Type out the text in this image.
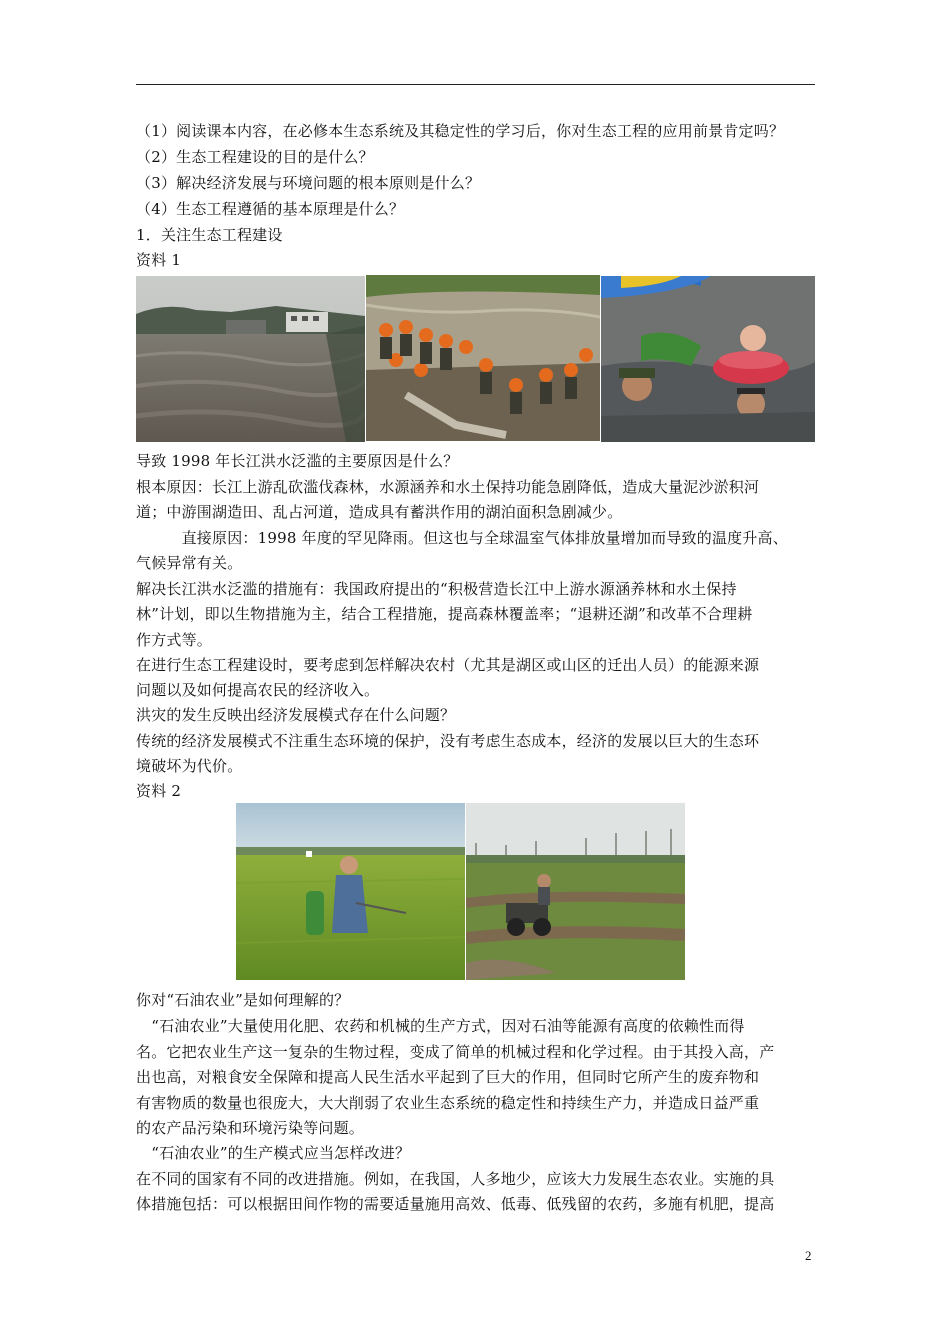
（1）阅读课本内容，在必修本生态系统及其稳定性的学习后，你对生态工程的应用前景肯定吗？
（2）生态工程建设的目的是什么？
（3）解决经济发展与环境问题的根本原则是什么？
（4）生态工程遵循的基本原理是什么？
1．关注生态工程建设
资料 1
导致 1998 年长江洪水泛滥的主要原因是什么？
根本原因：长江上游乱砍滥伐森林，水源涵养和水土保持功能急剧降低，造成大量泥沙淤积河
道；中游围湖造田、乱占河道，造成具有蓄洪作用的湖泊面积急剧减少。
　　　直接原因：1998 年度的罕见降雨。但这也与全球温室气体排放量增加而导致的温度升高、
气候异常有关。
解决长江洪水泛滥的措施有：我国政府提出的“积极营造长江中上游水源涵养林和水土保持
林”计划，即以生物措施为主，结合工程措施，提高森林覆盖率；“退耕还湖”和改革不合理耕
作方式等。
在进行生态工程建设时，要考虑到怎样解决农村（尤其是湖区或山区的迁出人员）的能源来源
问题以及如何提高农民的经济收入。
洪灾的发生反映出经济发展模式存在什么问题？
传统的经济发展模式不注重生态环境的保护，没有考虑生态成本，经济的发展以巨大的生态环
境破坏为代价。
资料 2
你对“石油农业”是如何理解的？
　“石油农业”大量使用化肥、农药和机械的生产方式，因对石油等能源有高度的依赖性而得
名。它把农业生产这一复杂的生物过程，变成了简单的机械过程和化学过程。由于其投入高，产
出也高，对粮食安全保障和提高人民生活水平起到了巨大的作用，但同时它所产生的废弃物和
有害物质的数量也很庞大，大大削弱了农业生态系统的稳定性和持续生产力，并造成日益严重
的农产品污染和环境污染等问题。
　“石油农业”的生产模式应当怎样改进？
在不同的国家有不同的改进措施。例如，在我国，人多地少，应该大力发展生态农业。实施的具
体措施包括：可以根据田间作物的需要适量施用高效、低毒、低残留的农药，多施有机肥，提高
2
